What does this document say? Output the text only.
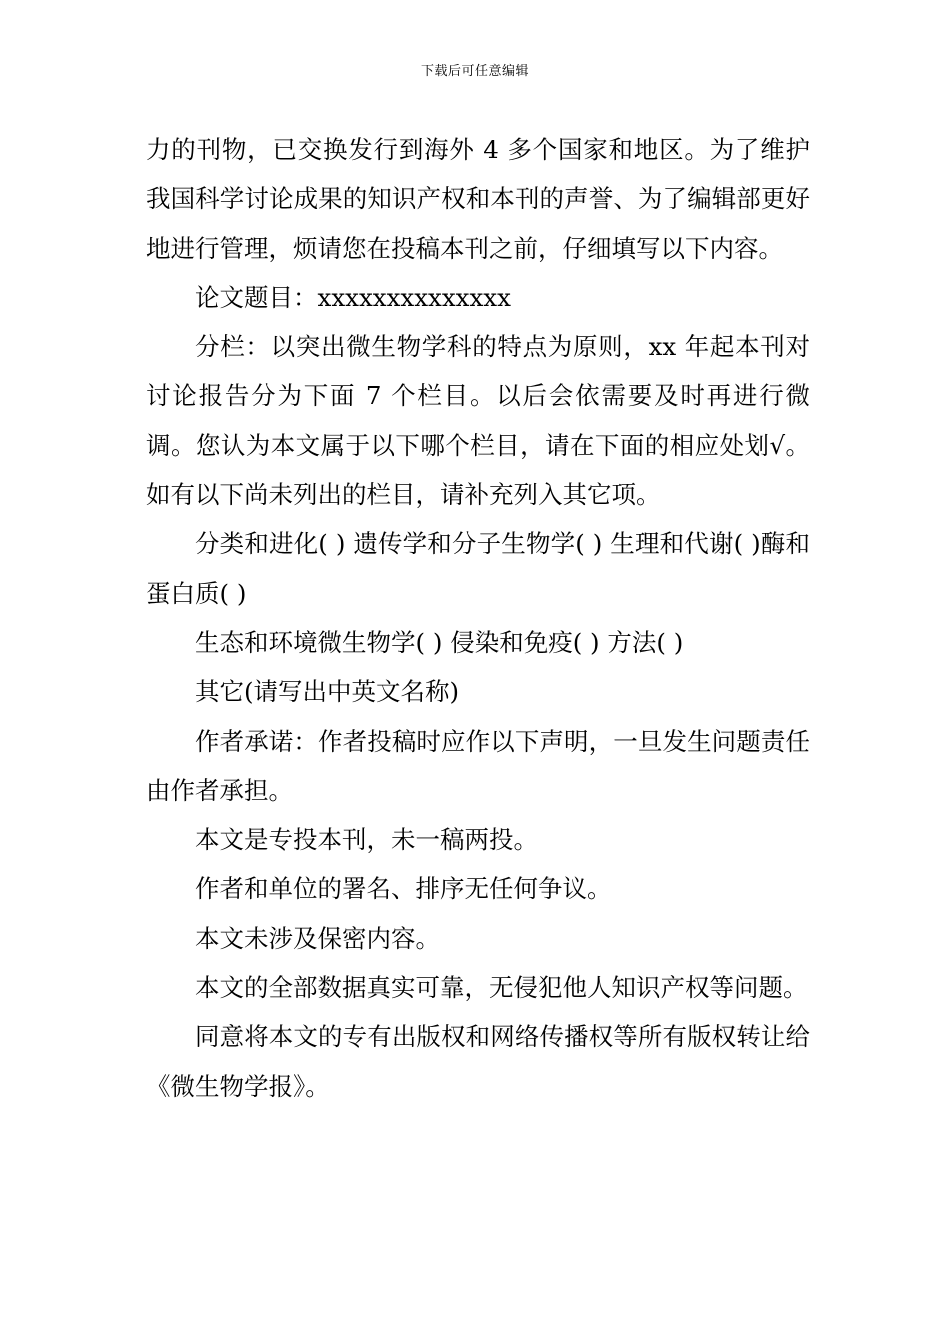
下载后可任意编辑

力的刊物，已交换发行到海外 4 多个国家和地区。为了维护我国科学讨论成果的知识产权和本刊的声誉、为了编辑部更好地进行管理，烦请您在投稿本刊之前，仔细填写以下内容。

论文题目：xxxxxxxxxxxxxx

分栏：以突出微生物学科的特点为原则，xx 年起本刊对讨论报告分为下面 7 个栏目。以后会依需要及时再进行微调。您认为本文属于以下哪个栏目，请在下面的相应处划√。如有以下尚未列出的栏目，请补充列入其它项。

分类和进化( ) 遗传学和分子生物学( ) 生理和代谢( )酶和蛋白质( )

生态和环境微生物学( ) 侵染和免疫( ) 方法( )

其它(请写出中英文名称)

作者承诺：作者投稿时应作以下声明，一旦发生问题责任由作者承担。

本文是专投本刊，未一稿两投。

作者和单位的署名、排序无任何争议。

本文未涉及保密内容。

本文的全部数据真实可靠，无侵犯他人知识产权等问题。

同意将本文的专有出版权和网络传播权等所有版权转让给《微生物学报》。
